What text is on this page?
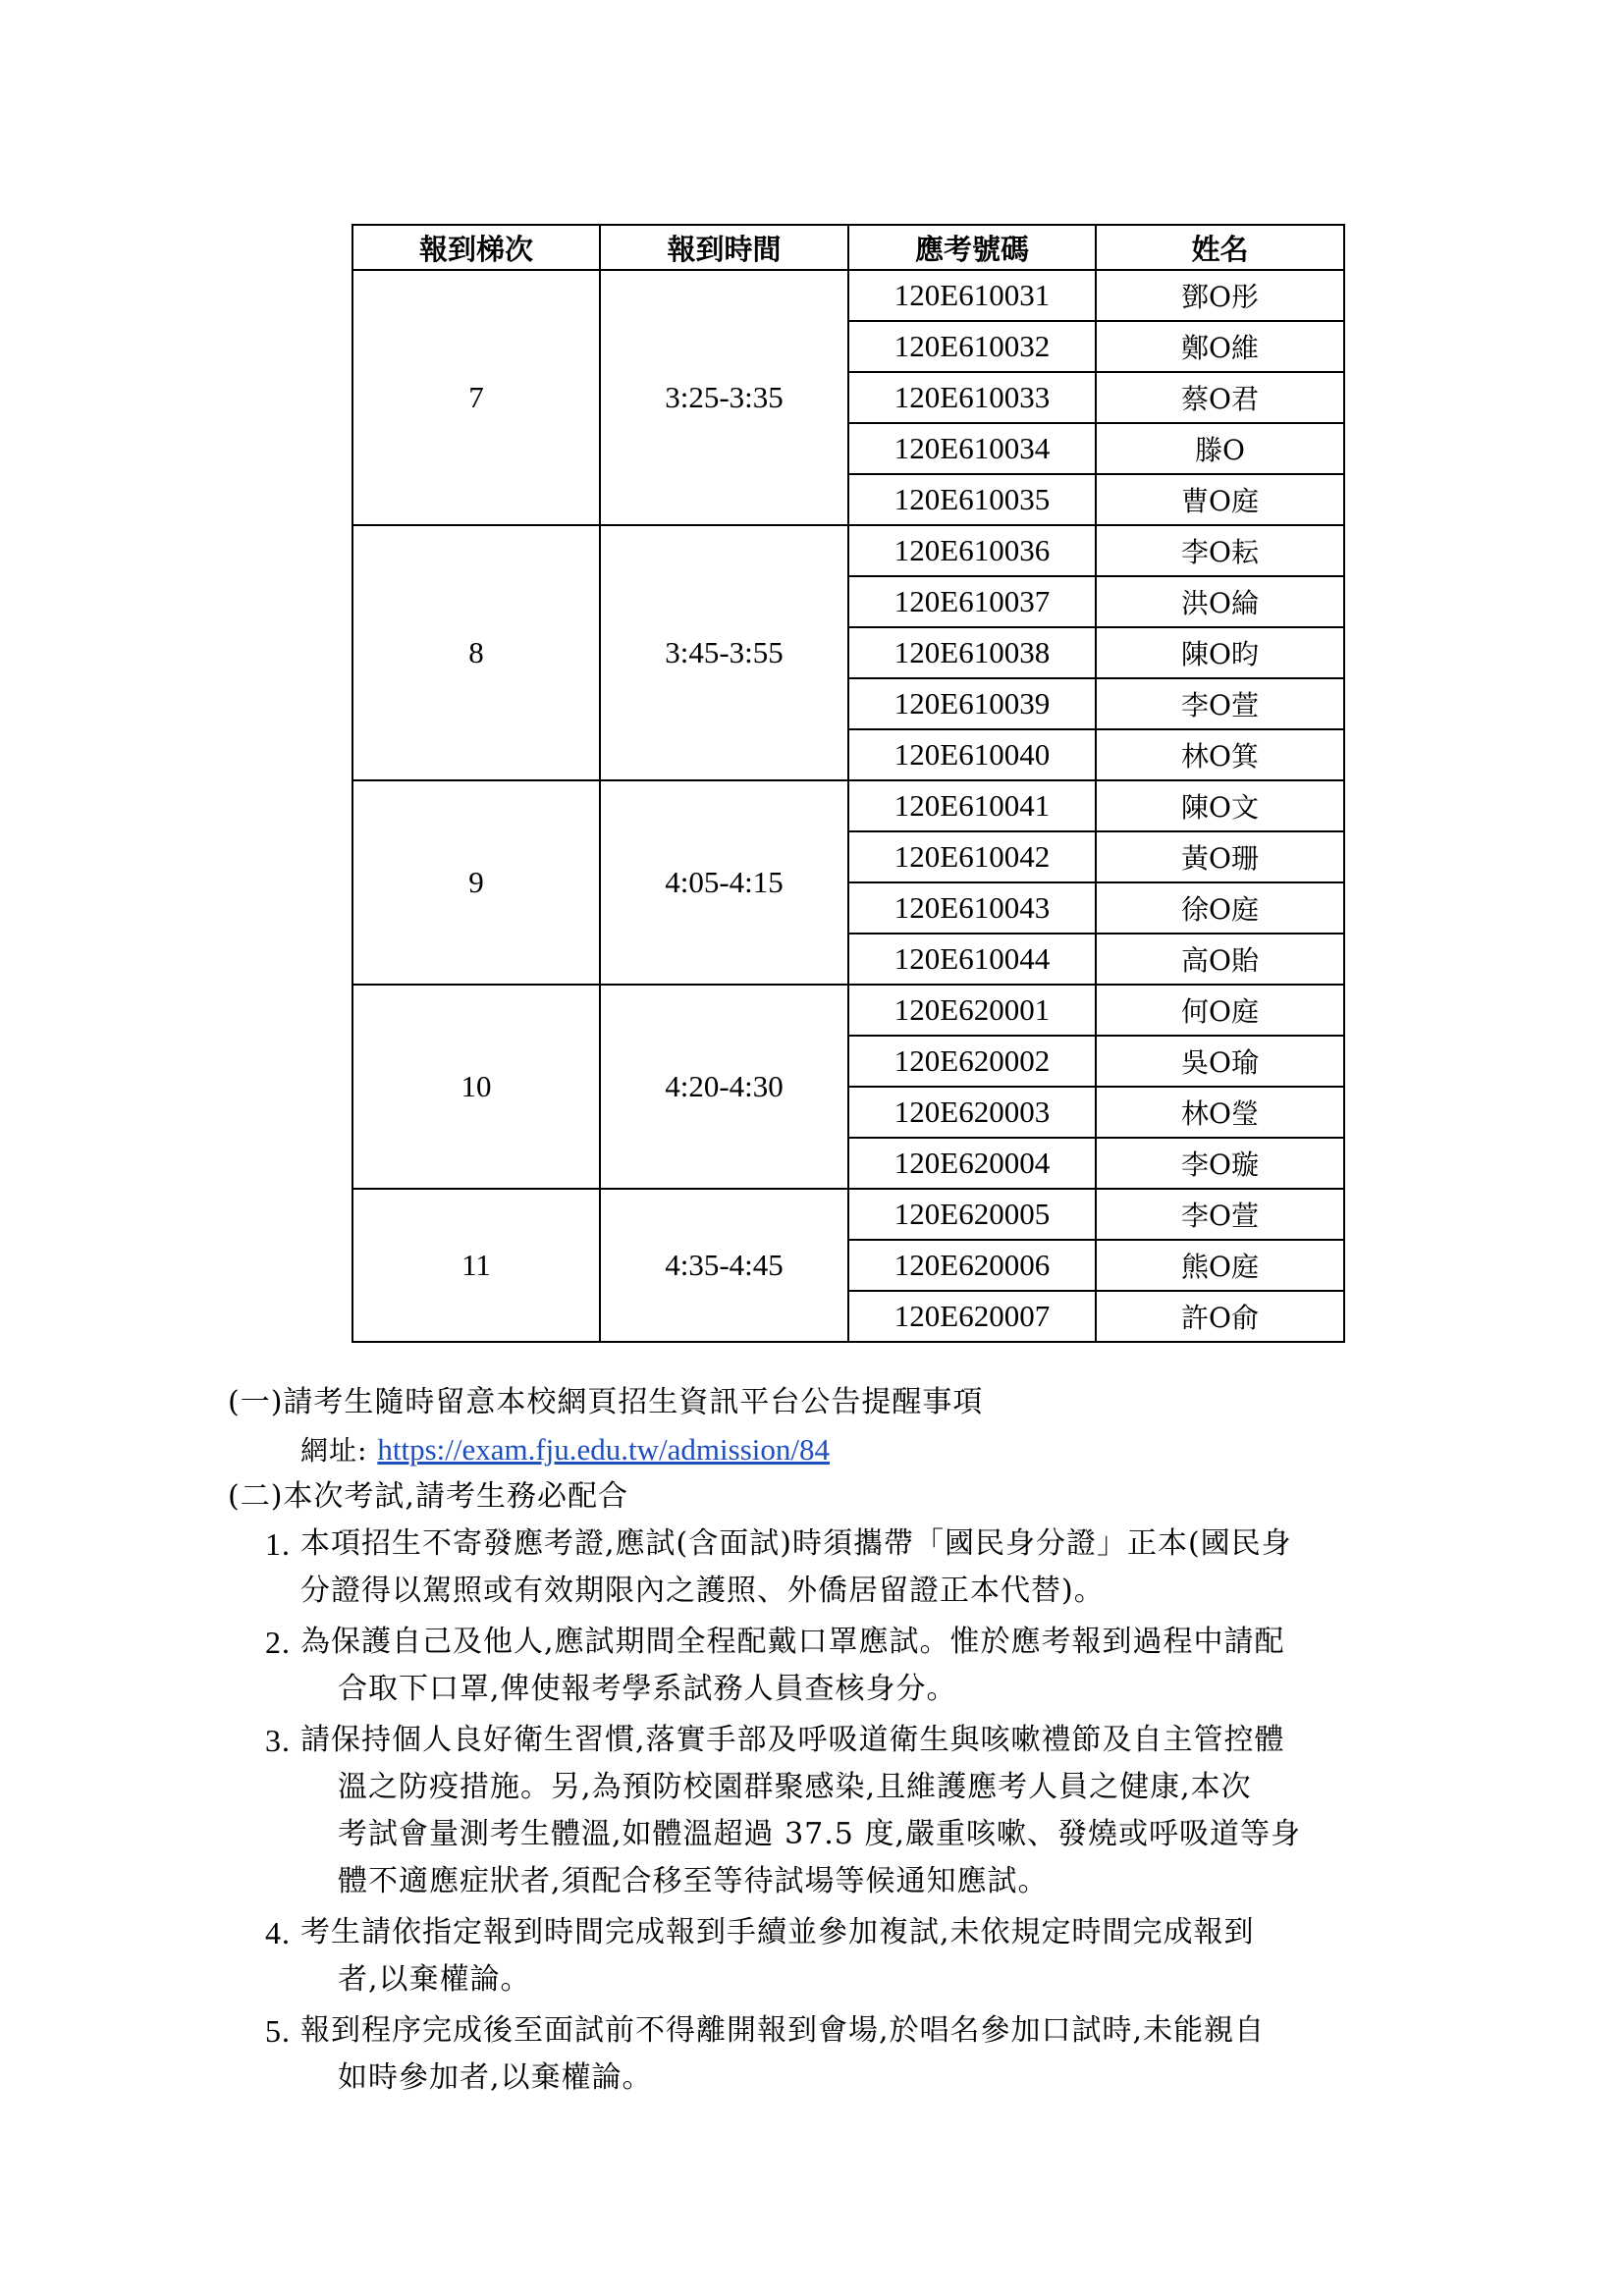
報到梯次	報到時間	應考號碼	姓名
7	3:25-3:35	120E610031	鄧O彤
		120E610032	鄭O維
		120E610033	蔡O君
		120E610034	滕O
		120E610035	曹O庭
8	3:45-3:55	120E610036	李O耘
		120E610037	洪O綸
		120E610038	陳O昀
		120E610039	李O萱
		120E610040	林O箕
9	4:05-4:15	120E610041	陳O文
		120E610042	黃O珊
		120E610043	徐O庭
		120E610044	高O貽
10	4:20-4:30	120E620001	何O庭
		120E620002	吳O瑜
		120E620003	林O瑩
		120E620004	李O璇
11	4:35-4:45	120E620005	李O萱
		120E620006	熊O庭
		120E620007	許O俞
(一)請考生隨時留意本校網頁招生資訊平台公告提醒事項
網址: https://exam.fju.edu.tw/admission/84
(二)本次考試,請考生務必配合
1. 本項招生不寄發應考證,應試(含面試)時須攜帶「國民身分證」正本(國民身
分證得以駕照或有效期限內之護照、外僑居留證正本代替)。
2. 為保護自己及他人,應試期間全程配戴口罩應試。惟於應考報到過程中請配
合取下口罩,俾使報考學系試務人員查核身分。
3. 請保持個人良好衛生習慣,落實手部及呼吸道衛生與咳嗽禮節及自主管控體
溫之防疫措施。另,為預防校園群聚感染,且維護應考人員之健康,本次
考試會量測考生體溫,如體溫超過 37.5 度,嚴重咳嗽、發燒或呼吸道等身
體不適應症狀者,須配合移至等待試場等候通知應試。
4. 考生請依指定報到時間完成報到手續並參加複試,未依規定時間完成報到
者,以棄權論。
5. 報到程序完成後至面試前不得離開報到會場,於唱名參加口試時,未能親自
如時參加者,以棄權論。
